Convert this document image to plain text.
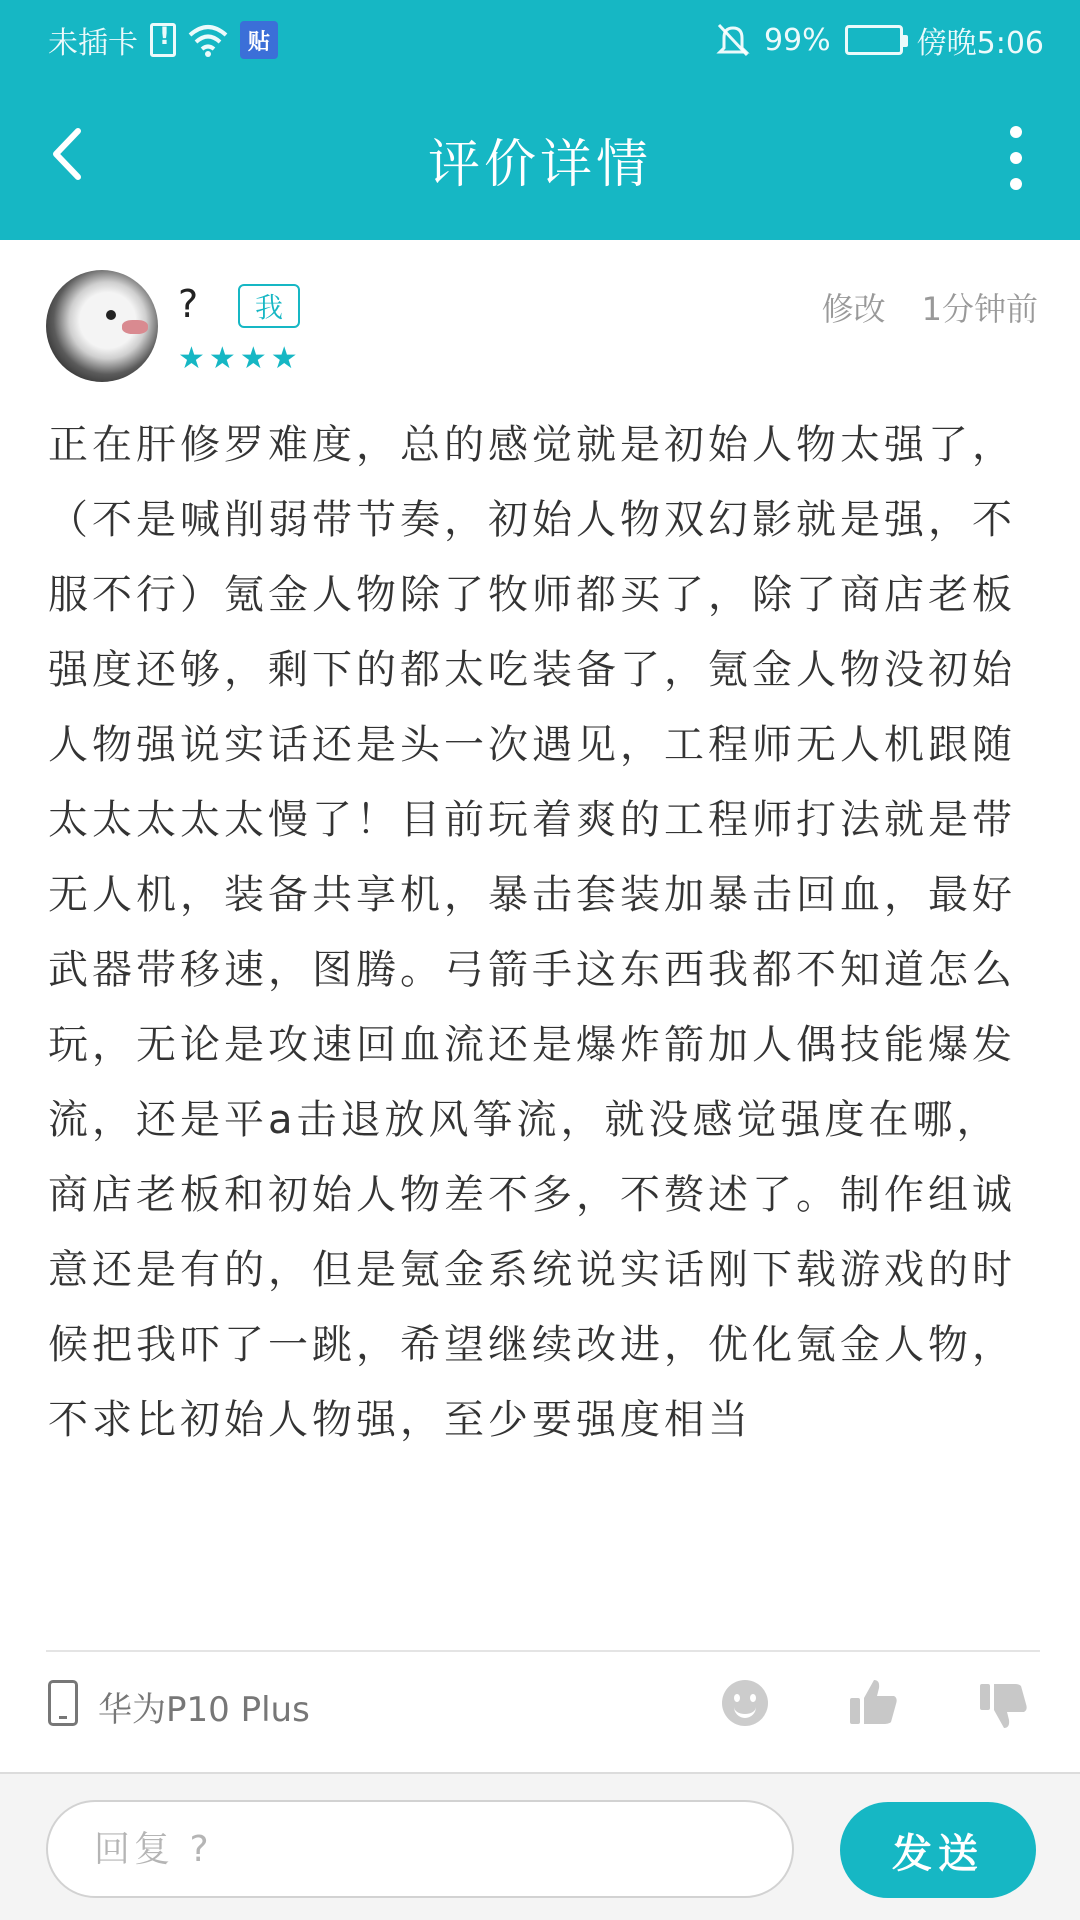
未插卡
!	贴	99%	傍晚5:06
评价详情
?	我
★ ★ ★ ★
修改 1分钟前
正在肝修罗难度，总的感觉就是初始人物太强了，（不是喊削弱带节奏，初始人物双幻影就是强，不服不行）氪金人物除了牧师都买了，除了商店老板强度还够，剩下的都太吃装备了，氪金人物没初始人物强说实话还是头一次遇见，工程师无人机跟随太太太太太慢了！目前玩着爽的工程师打法就是带无人机，装备共享机，暴击套装加暴击回血，最好武器带移速，图腾。弓箭手这东西我都不知道怎么玩，无论是攻速回血流还是爆炸箭加人偶技能爆发流，还是平a击退放风筝流，就没感觉强度在哪，商店老板和初始人物差不多，不赘述了。制作组诚意还是有的，但是氪金系统说实话刚下载游戏的时候把我吓了一跳，希望继续改进，优化氪金人物，不求比初始人物强，至少要强度相当
华为P10 Plus
回复 ?
发送
